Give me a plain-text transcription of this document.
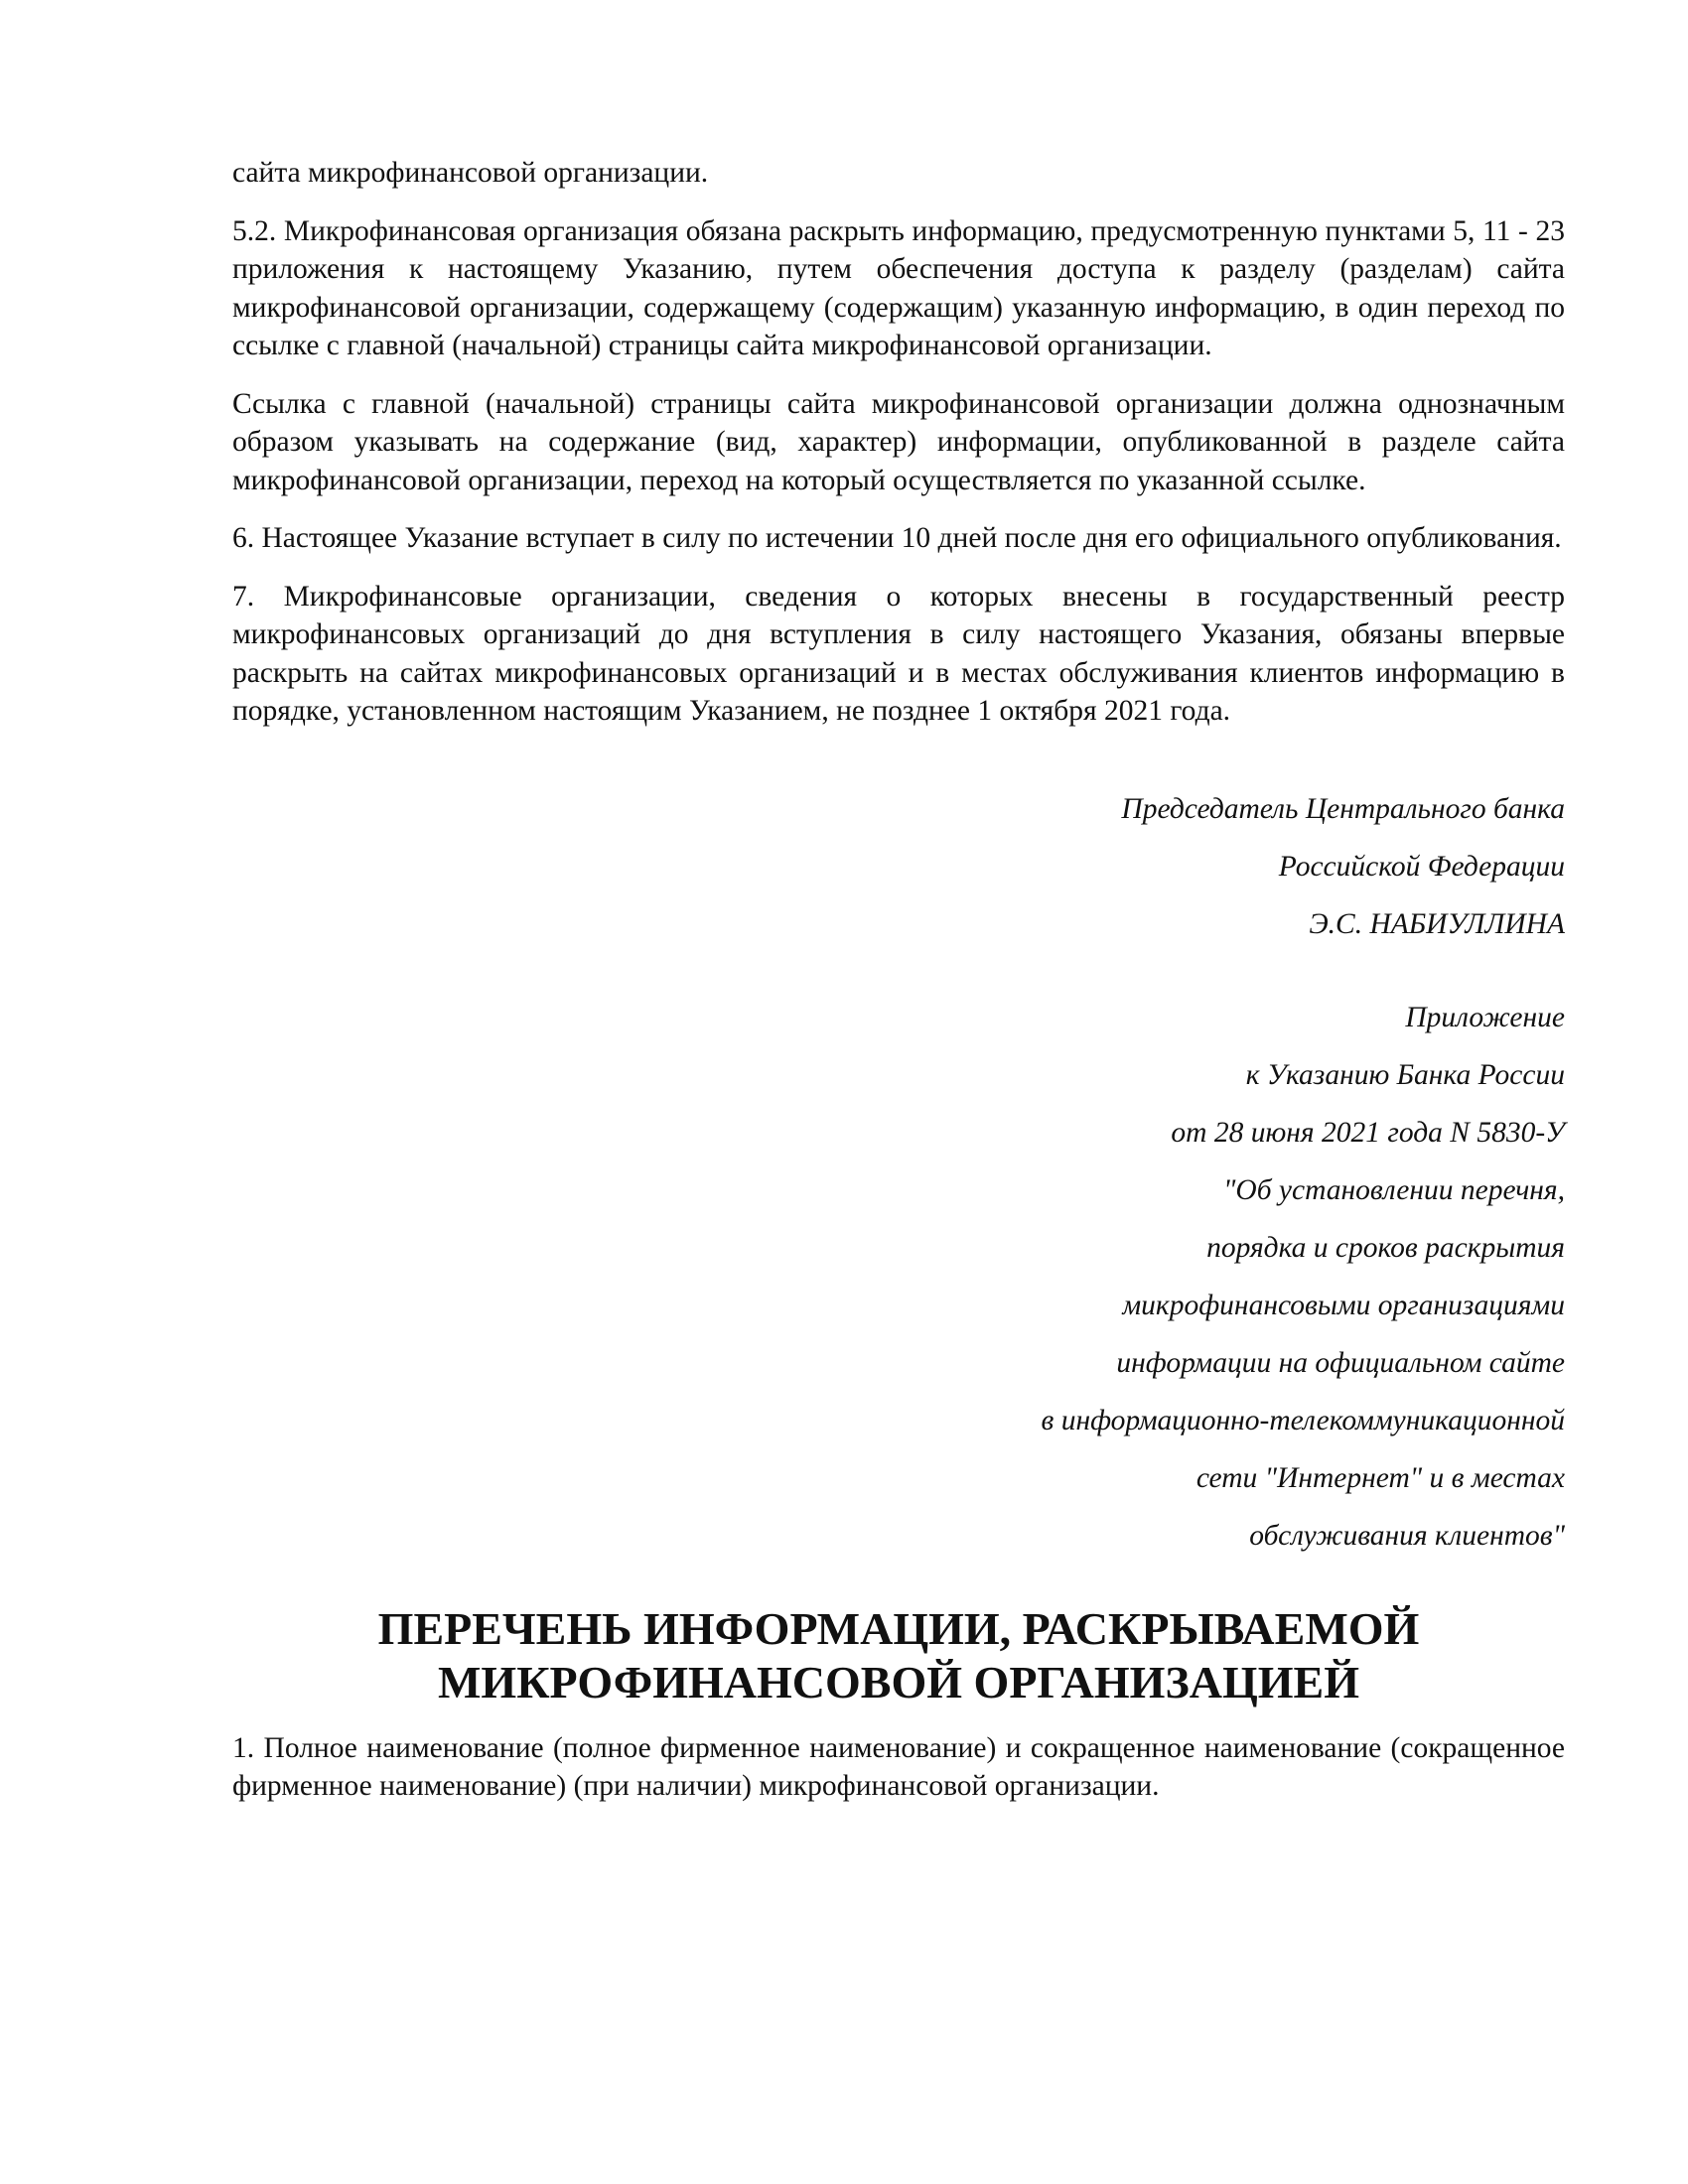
сайта микрофинансовой организации.

5.2. Микрофинансовая организация обязана раскрыть информацию, предусмотренную пунктами 5, 11 - 23 приложения к настоящему Указанию, путем обеспечения доступа к разделу (разделам) сайта микрофинансовой организации, содержащему (содержащим) указанную информацию, в один переход по ссылке с главной (начальной) страницы сайта микрофинансовой организации.

Ссылка с главной (начальной) страницы сайта микрофинансовой организации должна однозначным образом указывать на содержание (вид, характер) информации, опубликованной в разделе сайта микрофинансовой организации, переход на который осуществляется по указанной ссылке.

6. Настоящее Указание вступает в силу по истечении 10 дней после дня его официального опубликования.

7. Микрофинансовые организации, сведения о которых внесены в государственный реестр микрофинансовых организаций до дня вступления в силу настоящего Указания, обязаны впервые раскрыть на сайтах микрофинансовых организаций и в местах обслуживания клиентов информацию в порядке, установленном настоящим Указанием, не позднее 1 октября 2021 года.

Председатель Центрального банка
Российской Федерации
Э.С. НАБИУЛЛИНА
Приложение
к Указанию Банка России
от 28 июня 2021 года N 5830-У
"Об установлении перечня,
порядка и сроков раскрытия
микрофинансовыми организациями
информации на официальном сайте
в информационно-телекоммуникационной
сети "Интернет" и в местах
обслуживания клиентов"
ПЕРЕЧЕНЬ ИНФОРМАЦИИ, РАСКРЫВАЕМОЙ
МИКРОФИНАНСОВОЙ ОРГАНИЗАЦИЕЙ

1. Полное наименование (полное фирменное наименование) и сокращенное наименование (сокращенное фирменное наименование) (при наличии) микрофинансовой организации.
